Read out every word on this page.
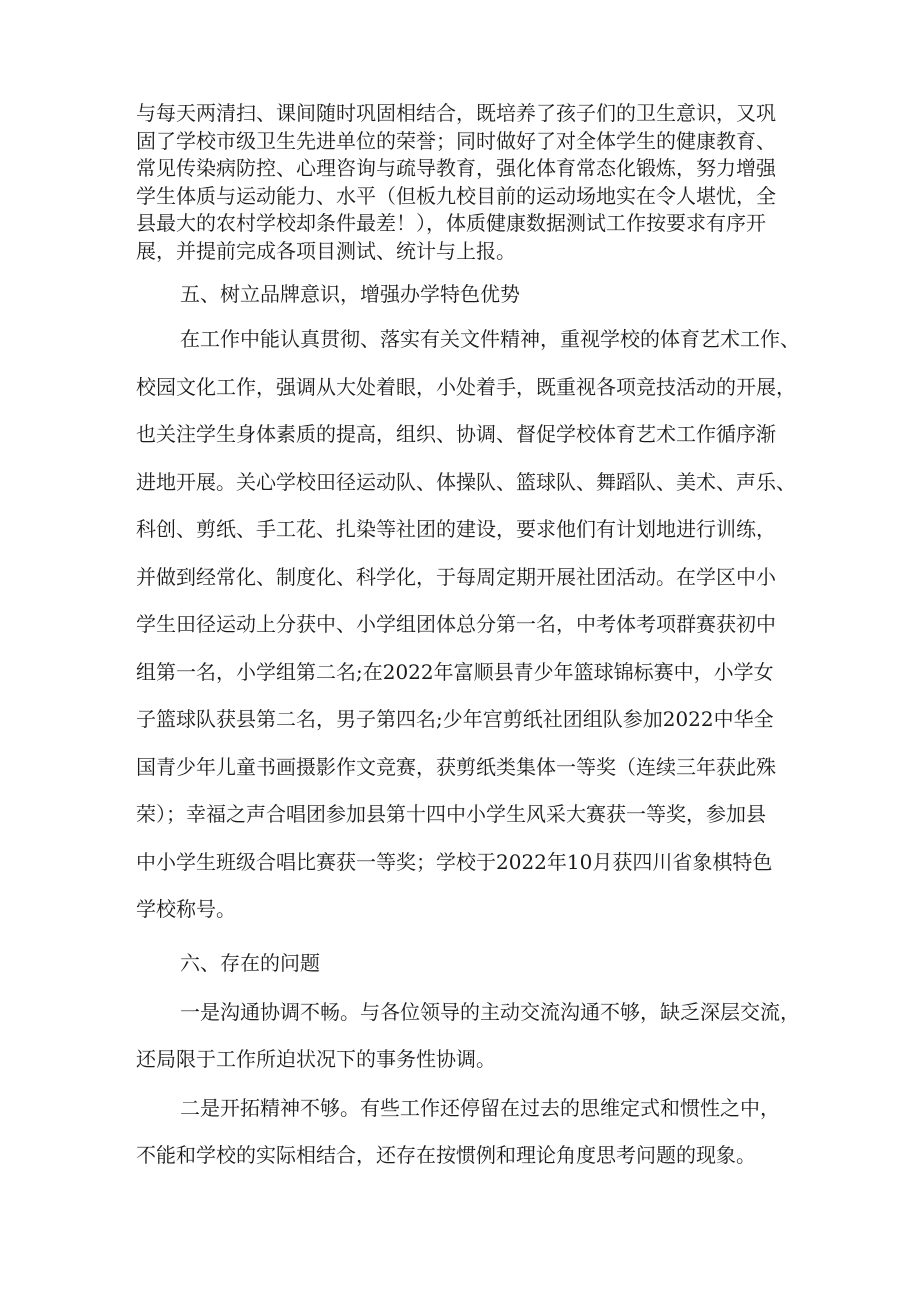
与每天两清扫、课间随时巩固相结合，既培养了孩子们的卫生意识，又巩
固了学校市级卫生先进单位的荣誉；同时做好了对全体学生的健康教育、
常见传染病防控、心理咨询与疏导教育，强化体育常态化锻炼，努力增强
学生体质与运动能力、水平（但板九校目前的运动场地实在令人堪忧，全
县最大的农村学校却条件最差！），体质健康数据测试工作按要求有序开
展，并提前完成各项目测试、统计与上报。
五、树立品牌意识，增强办学特色优势
在工作中能认真贯彻、落实有关文件精神，重视学校的体育艺术工作、
校园文化工作，强调从大处着眼，小处着手，既重视各项竞技活动的开展，
也关注学生身体素质的提高，组织、协调、督促学校体育艺术工作循序渐
进地开展。关心学校田径运动队、体操队、篮球队、舞蹈队、美术、声乐、
科创、剪纸、手工花、扎染等社团的建设，要求他们有计划地进行训练，
并做到经常化、制度化、科学化，于每周定期开展社团活动。在学区中小
学生田径运动上分获中、小学组团体总分第一名，中考体考项群赛获初中
组第一名，小学组第二名;在2022年富顺县青少年篮球锦标赛中，小学女
子篮球队获县第二名，男子第四名;少年宫剪纸社团组队参加2022中华全
国青少年儿童书画摄影作文竞赛，获剪纸类集体一等奖（连续三年获此殊
荣）；幸福之声合唱团参加县第十四中小学生风采大赛获一等奖，参加县
中小学生班级合唱比赛获一等奖；学校于2022年10月获四川省象棋特色
学校称号。
六、存在的问题
一是沟通协调不畅。与各位领导的主动交流沟通不够，缺乏深层交流，
还局限于工作所迫状况下的事务性协调。
二是开拓精神不够。有些工作还停留在过去的思维定式和惯性之中，
不能和学校的实际相结合，还存在按惯例和理论角度思考问题的现象。
